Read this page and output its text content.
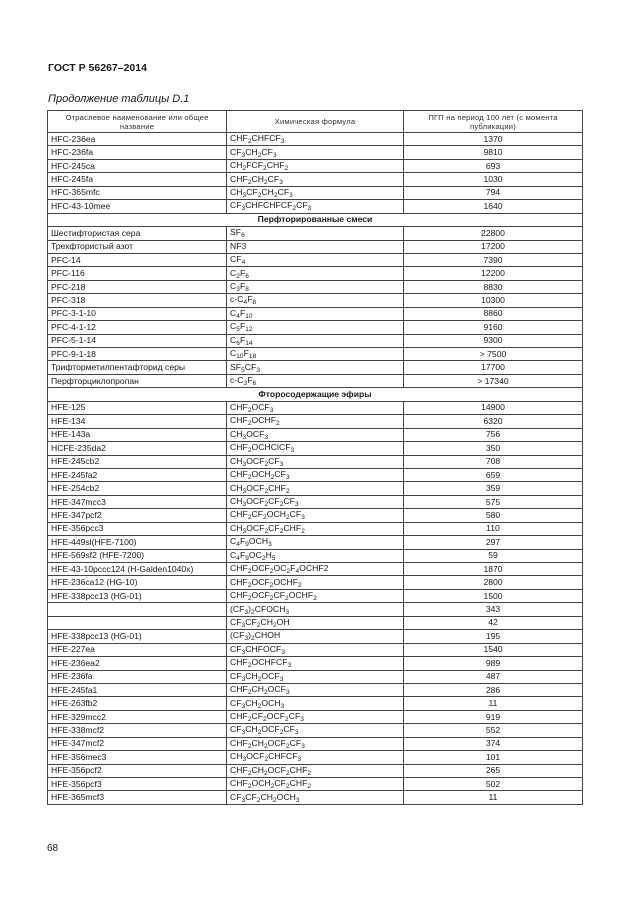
ГОСТ Р 56267–2014
Продолжение таблицы D.1
Отраслевое наименование или общее название	Химическая формула	ПГП на период 100 лет (с момента публикации)
HFC-236ea	$CHF_2CHFCF_3$	1370
HFC-236fa	$CF_3CH_2CF_3$	9810
HFC-245ca	$CH_2FCF_2CHF_2$	693
HFC-245fa	$CHF_2CH_2CF_3$	1030
HFC-365mfc	$CH_3CF_2CH_2CF_3$	794
HFC-43-10mee	$CF_3CHFCHFCF_2CF_3$	1640
Перфторированные смеси		
Шестифтористая сера	$SF_6$	22800
Трехфтористый азот	NF3	17200
PFC-14	$CF_4$	7390
PFC-116	$C_2F_6$	12200
PFC-218	$C_3F_8$	8830
PFC-318	$c-C_4F_8$	10300
PFC-3-1-10	$C_4F_{10}$	8860
PFC-4-1-12	$C_5F_{12}$	9160
PFC-5-1-14	$C_6F_{14}$	9300
PFC-9-1-18	$C_{10}F_{18}$	> 7500
Трифторметилпентафторид серы	$SF_5CF_3$	17700
Перфторциклопропан	$c-C_3F_6$	> 17340
Фторосодержащие эфиры		
HFE-125	$CHF_2OCF_3$	14900
HFE-134	$CHF_2OCHF_2$	6320
HFE-143a	$CH_3OCF_3$	756
HCFE-235da2	$CHF_2OCHClCF_3$	350
HFE-245cb2	$CH_3OCF_2CF_3$	708
HFE-245fa2	$CHF_2OCH_2CF_3$	659
HFE-254cb2	$CH_3OCF_2CHF_2$	359
HFE-347mcc3	$CH_3OCF_2CF_2CF_3$	575
HFE-347pcf2	$CHF_2CF_2OCH_2CF_3$	580
HFE-356pcc3	$CH_3OCF_2CF_2CHF_2$	110
HFE-449sl(HFE-7100)	$C_4F_9OCH_3$	297
HFE-569sf2 (HFE-7200)	$C_4F_9OC_2H_5$	59
HFE-43-10pccc124 (H-Galden1040x)	$CHF_2OCF_2OC_2F_4OCHF2$	1870
HFE-236ca12 (HG-10)	$CHF_2OCF_2OCHF_2$	2800
HFE-338pcc13 (HG-01)	$CHF_2OCF_2CF_2OCHF_2$	1500
	$(CF_3)_2CFOCH_3$	343
	$CF_3CF_2CH_2OH$	42
HFE-338pcc13 (HG-01)	$(CF_3)_2CHOH$	195
HFE-227ea	$CF_3CHFOCF_3$	1540
HFE-236ea2	$CHF_2OCHFCF_3$	989
HFE-236fa	$CF_3CH_2OCF_3$	487
HFE-245fa1	$CHF_2CH_2OCF_3$	286
HFE-263fb2	$CF_3CH_2OCH_3$	11
HFE-329mcc2	$CHF_2CF_2OCF_2CF_3$	919
HFE-338mcf2	$CF_3CH_2OCF_2CF_3$	552
HFE-347mcf2	$CHF_2CH_2OCF_2CF_3$	374
HFE-356mec3	$CH_3OCF_2CHFCF_3$	101
HFE-356pcf2	$CHF_2CH_2OCF_2CHF_2$	265
HFE-356pcf3	$CHF_2OCH_2CF_2CHF_2$	502
HFE-365mcf3	$CF_3CF_2CH_2OCH_3$	11
68
